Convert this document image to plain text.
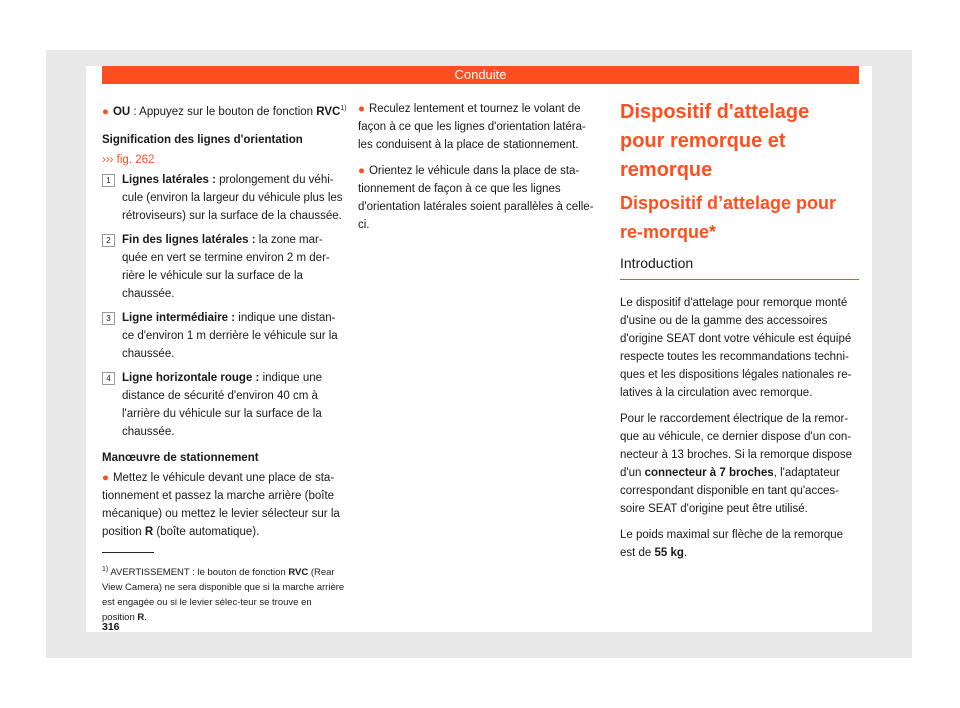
Conduite

● OU : Appuyez sur le bouton de fonction RVC$^{1)}$

Signification des lignes d'orientation

››› fig. 262

1 Lignes latérales : prolongement du véhi-cule (environ la largeur du véhicule plus les rétroviseurs) sur la surface de la chaussée.
2 Fin des lignes latérales : la zone mar-quée en vert se termine environ 2 m der-rière le véhicule sur la surface de la chaussée.
3 Ligne intermédiaire : indique une distan-ce d'environ 1 m derrière le véhicule sur la chaussée.
4 Ligne horizontale rouge : indique une distance de sécurité d'environ 40 cm à l'arrière du véhicule sur la surface de la chaussée.

Manœuvre de stationnement

● Mettez le véhicule devant une place de sta-tionnement et passez la marche arrière (boîte mécanique) ou mettez le levier sélecteur sur la position R (boîte automatique).

$^{1)}$ AVERTISSEMENT : le bouton de fonction RVC (Rear View Camera) ne sera disponible que si la marche arrière est engagée ou si le levier sélec-teur se trouve en position R.
316

● Reculez lentement et tournez le volant de façon à ce que les lignes d'orientation latéra-les conduisent à la place de stationnement.

● Orientez le véhicule dans la place de sta-tionnement de façon à ce que les lignes d'orientation latérales soient parallèles à celle-ci.

Dispositif d'attelage pour remorque et remorque
Dispositif d’attelage pour re-morque*
Introduction

Le dispositif d'attelage pour remorque monté d'usine ou de la gamme des accessoires d'origine SEAT dont votre véhicule est équipé respecte toutes les recommandations techni-ques et les dispositions légales nationales re-latives à la circulation avec remorque.

Pour le raccordement électrique de la remor-que au véhicule, ce dernier dispose d'un con-necteur à 13 broches. Si la remorque dispose d'un connecteur à 7 broches, l'adaptateur correspondant disponible en tant qu'acces-soire SEAT d'origine peut être utilisé.

Le poids maximal sur flèche de la remorque est de 55 kg.
